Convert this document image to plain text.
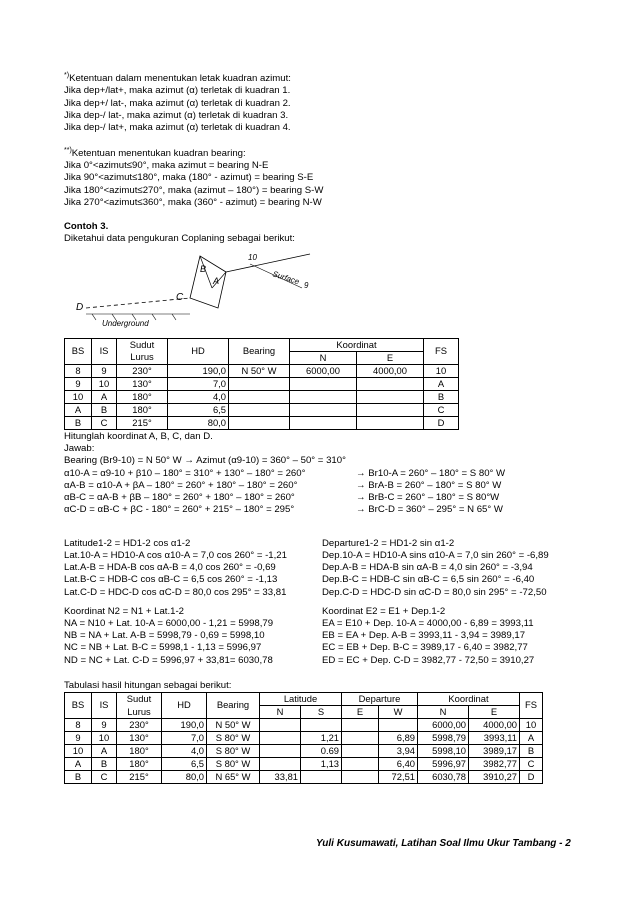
*)Ketentuan dalam menentukan letak kuadran azimut:

Jika dep+/lat+, maka azimut (α) terletak di kuadran 1.

Jika dep+/ lat-, maka azimut (α) terletak di kuadran 2.

Jika dep-/ lat-, maka azimut (α) terletak di kuadran 3.

Jika dep-/ lat+, maka azimut (α) terletak di kuadran 4.

**)Ketentuan menentukan kuadran bearing:

Jika 0°<azimut≤90°, maka azimut = bearing N-E

Jika 90°<azimut≤180°, maka (180° - azimut) = bearing S-E

Jika 180°<azimut≤270°, maka (azimut – 180°) = bearing S-W

Jika 270°<azimut≤360°, maka (360° - azimut) = bearing N-W

Contoh 3.

Diketahui data pengukuran Coplaning sebagai berikut:

D
C
B
A
10
9
Surface
Underground
BS	IS	Sudut	HD	Bearing	Koordinat		FS
		Lurus			N	E	
8	9	230°	190,0	N 50° W	6000,00	4000,00	10
9	10	130°	7,0				A
10	A	180°	4,0				B
A	B	180°	6,5				C
B	C	215°	80,0				D

Hitunglah koordinat A, B, C, dan D.

Jawab:

Bearing (Br9-10) = N 50° W → Azimut (α9-10) = 360° – 50° = 310°

α10-A = α9-10 + β10 – 180° = 310° + 130° – 180° = 260°

αA-B = α10-A + βA – 180° = 260° + 180° – 180° = 260°

αB-C = αA-B + βB – 180° = 260° + 180° – 180° = 260°

αC-D = αB-C + βC - 180° = 260° + 215° – 180° = 295°

→ Br10-A = 260° – 180° = S 80° W

→ BrA-B = 260° – 180° = S 80° W

→ BrB-C = 260° – 180° = S 80°W

→ BrC-D = 360° – 295° = N 65° W

Latitude1-2 = HD1-2 cos α1-2

Lat.10-A = HD10-A cos α10-A = 7,0 cos 260° = -1,21

Lat.A-B = HDA-B cos αA-B = 4,0 cos 260° = -0,69

Lat.B-C = HDB-C cos αB-C = 6,5 cos 260° = -1,13

Lat.C-D = HDC-D cos αC-D = 80,0 cos 295° = 33,81

Departure1-2 = HD1-2 sin α1-2

Dep.10-A = HD10-A sins α10-A = 7,0 sin 260° = -6,89

Dep.A-B = HDA-B sin αA-B = 4,0 sin 260° = -3,94

Dep.B-C = HDB-C sin αB-C = 6,5 sin 260° = -6,40

Dep.C-D = HDC-D sin αC-D = 80,0 sin 295° = -72,50

Koordinat N2 = N1 + Lat.1-2

NA = N10 + Lat. 10-A = 6000,00 - 1,21 = 5998,79

NB = NA + Lat. A-B = 5998,79 - 0,69 = 5998,10

NC = NB + Lat. B-C = 5998,1 - 1,13 = 5996,97

ND = NC + Lat. C-D = 5996,97 + 33,81= 6030,78

Koordinat E2 = E1 + Dep.1-2

EA = E10 + Dep. 10-A = 4000,00 - 6,89 = 3993,11

EB = EA + Dep. A-B = 3993,11 - 3,94 = 3989,17

EC = EB + Dep. B-C = 3989,17 - 6,40 = 3982,77

ED = EC + Dep. C-D = 3982,77 - 72,50 = 3910,27

Tabulasi hasil hitungan sebagai berikut:

BS	IS	Sudut	HD	Bearing	Latitude		Departure		Koordinat		FS
		Lurus			N	S	E	W	N	E	
8	9	230°	190,0	N 50° W					6000,00	4000,00	10
9	10	130°	7,0	S 80° W		1,21		6,89	5998,79	3993,11	A
10	A	180°	4,0	S 80° W		0.69		3,94	5998,10	3989,17	B
A	B	180°	6,5	S 80° W		1,13		6,40	5996,97	3982,77	C
B	C	215°	80,0	N 65° W	33,81			72,51	6030,78	3910,27	D
Yuli Kusumawati, Latihan Soal Ilmu Ukur Tambang - 2
